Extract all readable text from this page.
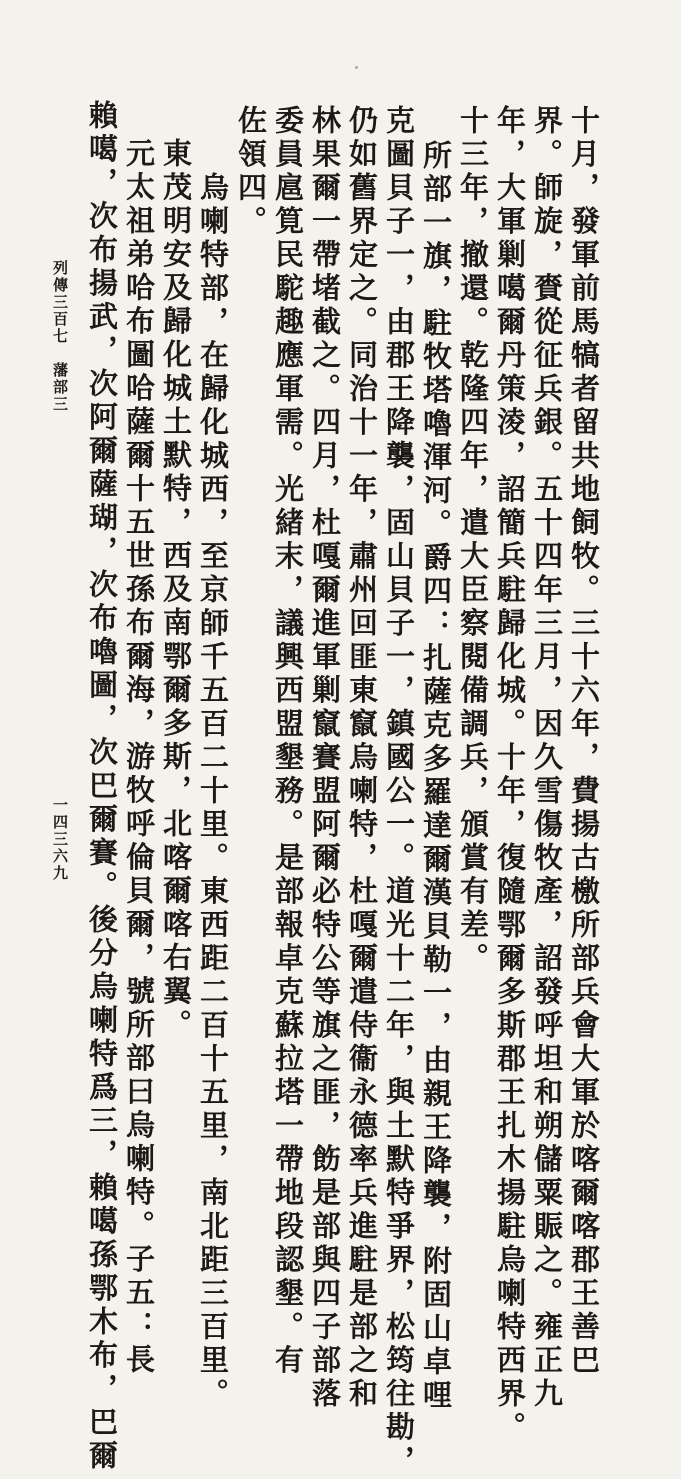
十月，發軍前馬犒者留共地飼牧。三十六年，費揚古檄所部兵會大軍於喀爾喀郡王善巴
界。師旋，賚從征兵銀。五十四年三月，因久雪傷牧產，詔發呼坦和朔儲粟賑之。雍正九
年，大軍剿噶爾丹策淩，詔簡兵駐歸化城。十年，復隨鄂爾多斯郡王扎木揚駐烏喇特西界。
十三年，撤還。乾隆四年，遣大臣察閱備調兵，頒賞有差。
所部一旗，駐牧塔嚕渾河。爵四：扎薩克多羅達爾漢貝勒一，由親王降襲，附固山卓哩
克圖貝子一，由郡王降襲，固山貝子一，鎮國公一。道光十二年，與土默特爭界，松筠往勘，
仍如舊界定之。同治十一年，肅州回匪東竄烏喇特，杜嘎爾遣侍衞永德率兵進駐是部之和
林果爾一帶堵截之。四月，杜嘎爾進軍剿竄賽盟阿爾必特公等旗之匪，飭是部與四子部落
委員扈筧民駝趣應軍需。光緒末，議興西盟墾務。是部報卓克蘇拉塔一帶地段認墾。有
佐領四。
烏喇特部，在歸化城西，至京師千五百二十里。東西距二百十五里，南北距三百里。
東茂明安及歸化城土默特，西及南鄂爾多斯，北喀爾喀右翼。
元太祖弟哈布圖哈薩爾十五世孫布爾海，游牧呼倫貝爾，號所部曰烏喇特。子五：長
賴噶，次布揚武，次阿爾薩瑚，次布嚕圖，次巴爾賽。後分烏喇特爲三，賴噶孫鄂木布，巴爾
列傳三百七　藩部三
一四三六九
